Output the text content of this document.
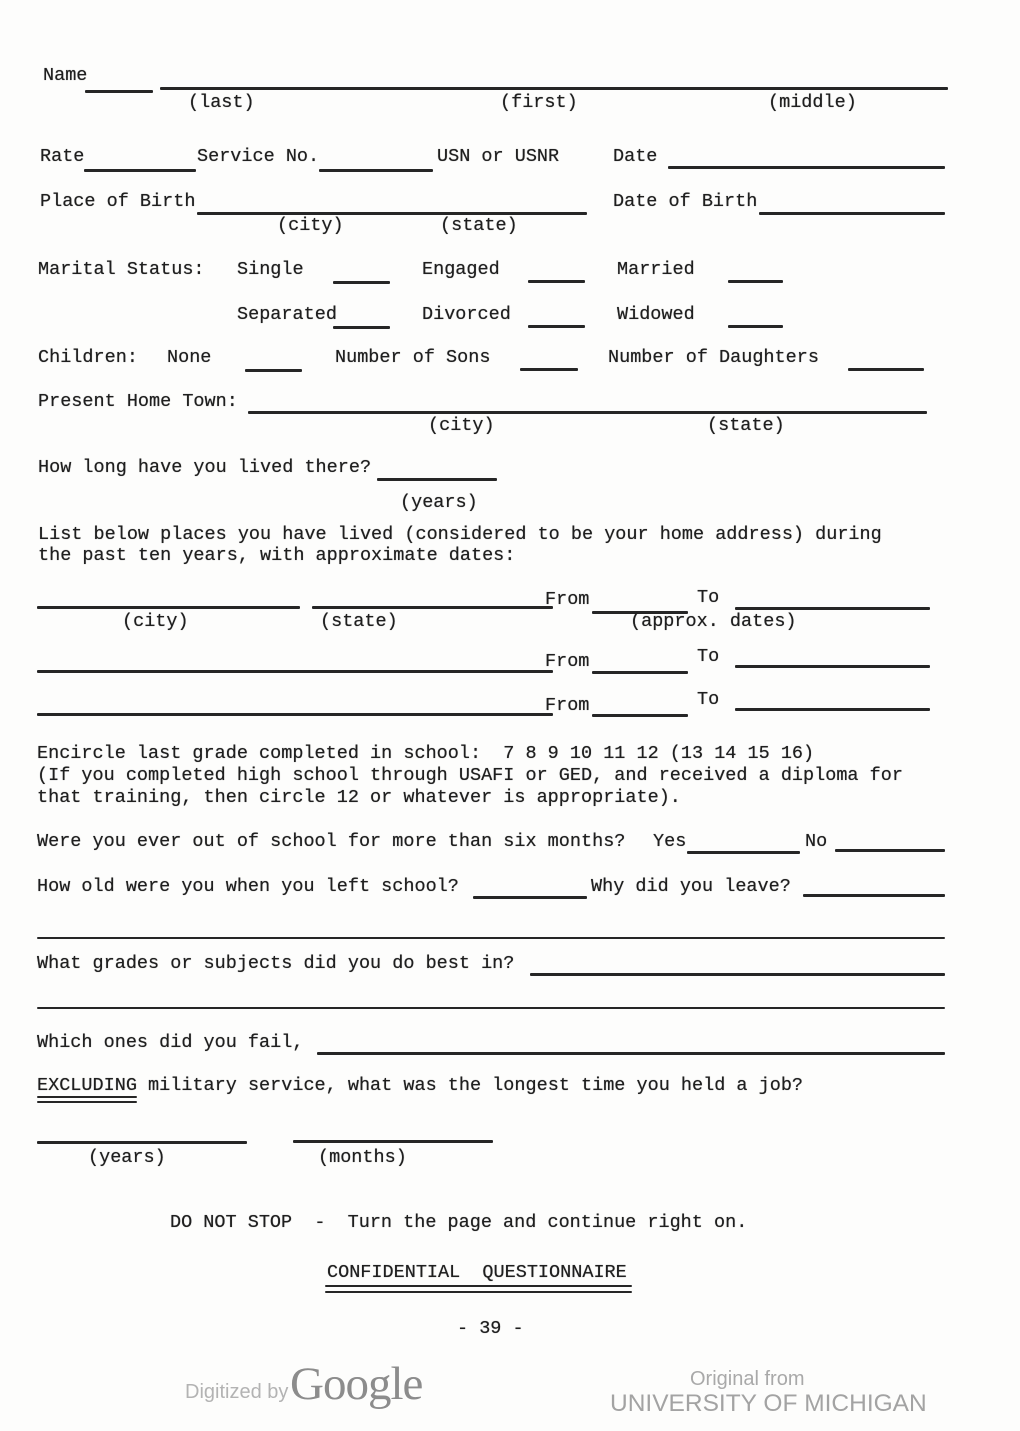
Name
(last)	(first)	(middle)
Rate	Service No.	USN or USNR	Date
Place of Birth	Date of Birth
(city)	(state)
Marital Status: Single	Engaged	Married
Separated	Divorced	Widowed
Children: None	Number of Sons	Number of Daughters
Present Home Town:
(city)	(state)
How long have you lived there?
(years)
List below places you have lived (considered to be your home address) during
the past ten years, with approximate dates:
From	To
(city)	(state)	(approx. dates)
From	To
From	To
Encircle last grade completed in school:  7 8 9 10 11 12 (13 14 15 16)
(If you completed high school through USAFI or GED, and received a diploma for
that training, then circle 12 or whatever is appropriate).
Were you ever out of school for more than six months? Yes	No
How old were you when you left school?	Why did you leave?
What grades or subjects did you do best in?
Which ones did you fail,
EXCLUDING military service, what was the longest time you held a job?
(years)	(months)
DO NOT STOP  -  Turn the page and continue right on.
CONFIDENTIAL  QUESTIONNAIRE
- 39 -
Digitized by Google	Original from
UNIVERSITY OF MICHIGAN
